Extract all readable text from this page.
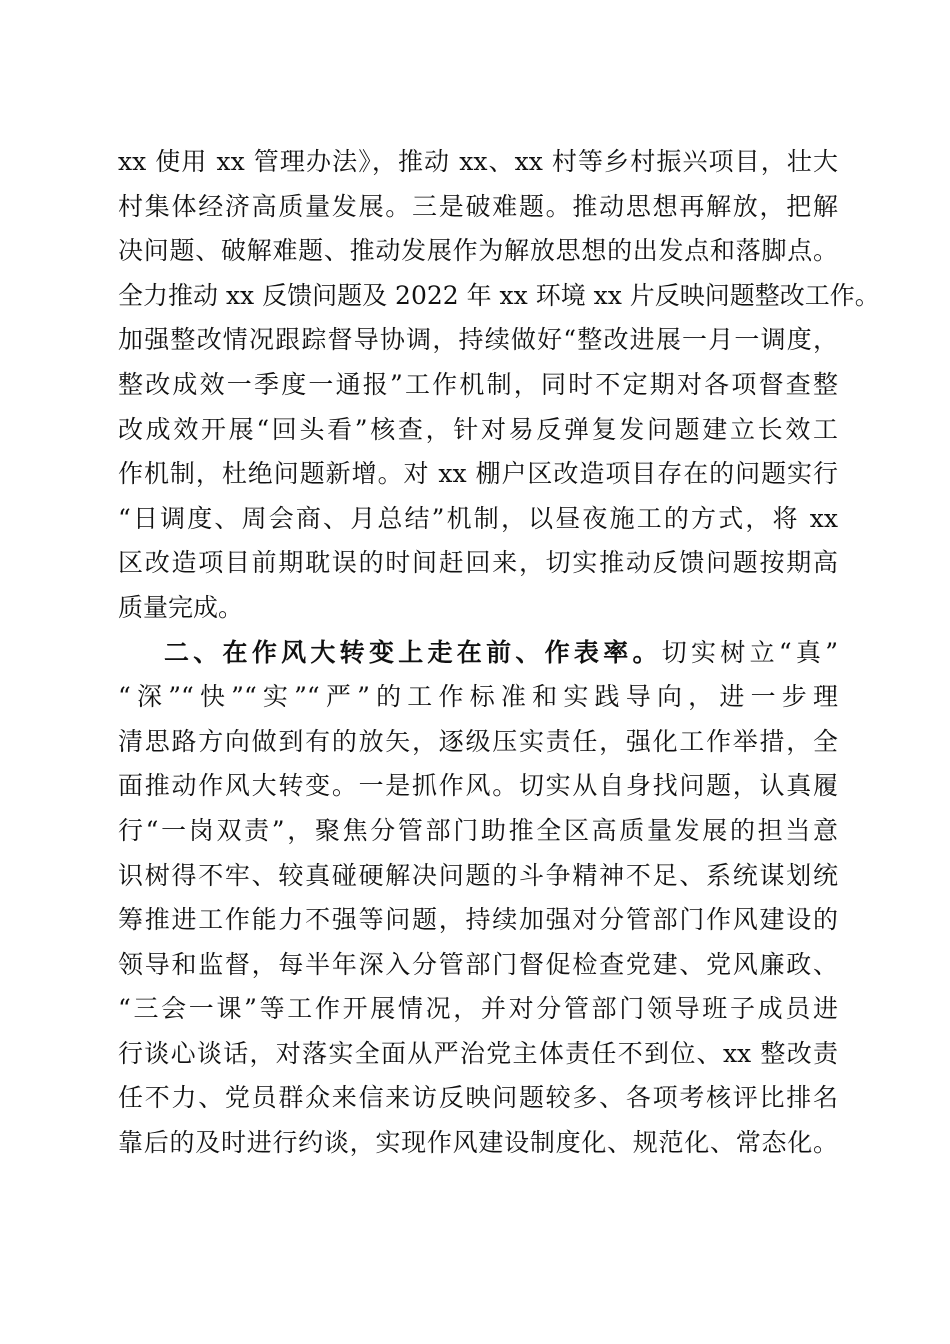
xx 使用 xx 管理办法》，推动 xx、xx 村等乡村振兴项目，壮大
村集体经济高质量发展。三是破难题。推动思想再解放，把解
决问题、破解难题、推动发展作为解放思想的出发点和落脚点。
全力推动 xx 反馈问题及 2022 年 xx 环境 xx 片反映问题整改工作。
加强整改情况跟踪督导协调，持续做好“整改进展一月一调度，
整改成效一季度一通报”工作机制，同时不定期对各项督查整
改成效开展“回头看”核查，针对易反弹复发问题建立长效工
作机制，杜绝问题新增。对 xx 棚户区改造项目存在的问题实行
“日调度、周会商、月总结”机制，以昼夜施工的方式，将 xx
区改造项目前期耽误的时间赶回来，切实推动反馈问题按期高
质量完成。
二、在作风大转变上走在前、作表率。切实树立“真”
“深”“快”“实”“严”的工作标准和实践导向，进一步理
清思路方向做到有的放矢，逐级压实责任，强化工作举措，全
面推动作风大转变。一是抓作风。切实从自身找问题，认真履
行“一岗双责”，聚焦分管部门助推全区高质量发展的担当意
识树得不牢、较真碰硬解决问题的斗争精神不足、系统谋划统
筹推进工作能力不强等问题，持续加强对分管部门作风建设的
领导和监督，每半年深入分管部门督促检查党建、党风廉政、
“三会一课”等工作开展情况，并对分管部门领导班子成员进
行谈心谈话，对落实全面从严治党主体责任不到位、xx 整改责
任不力、党员群众来信来访反映问题较多、各项考核评比排名
靠后的及时进行约谈，实现作风建设制度化、规范化、常态化。
